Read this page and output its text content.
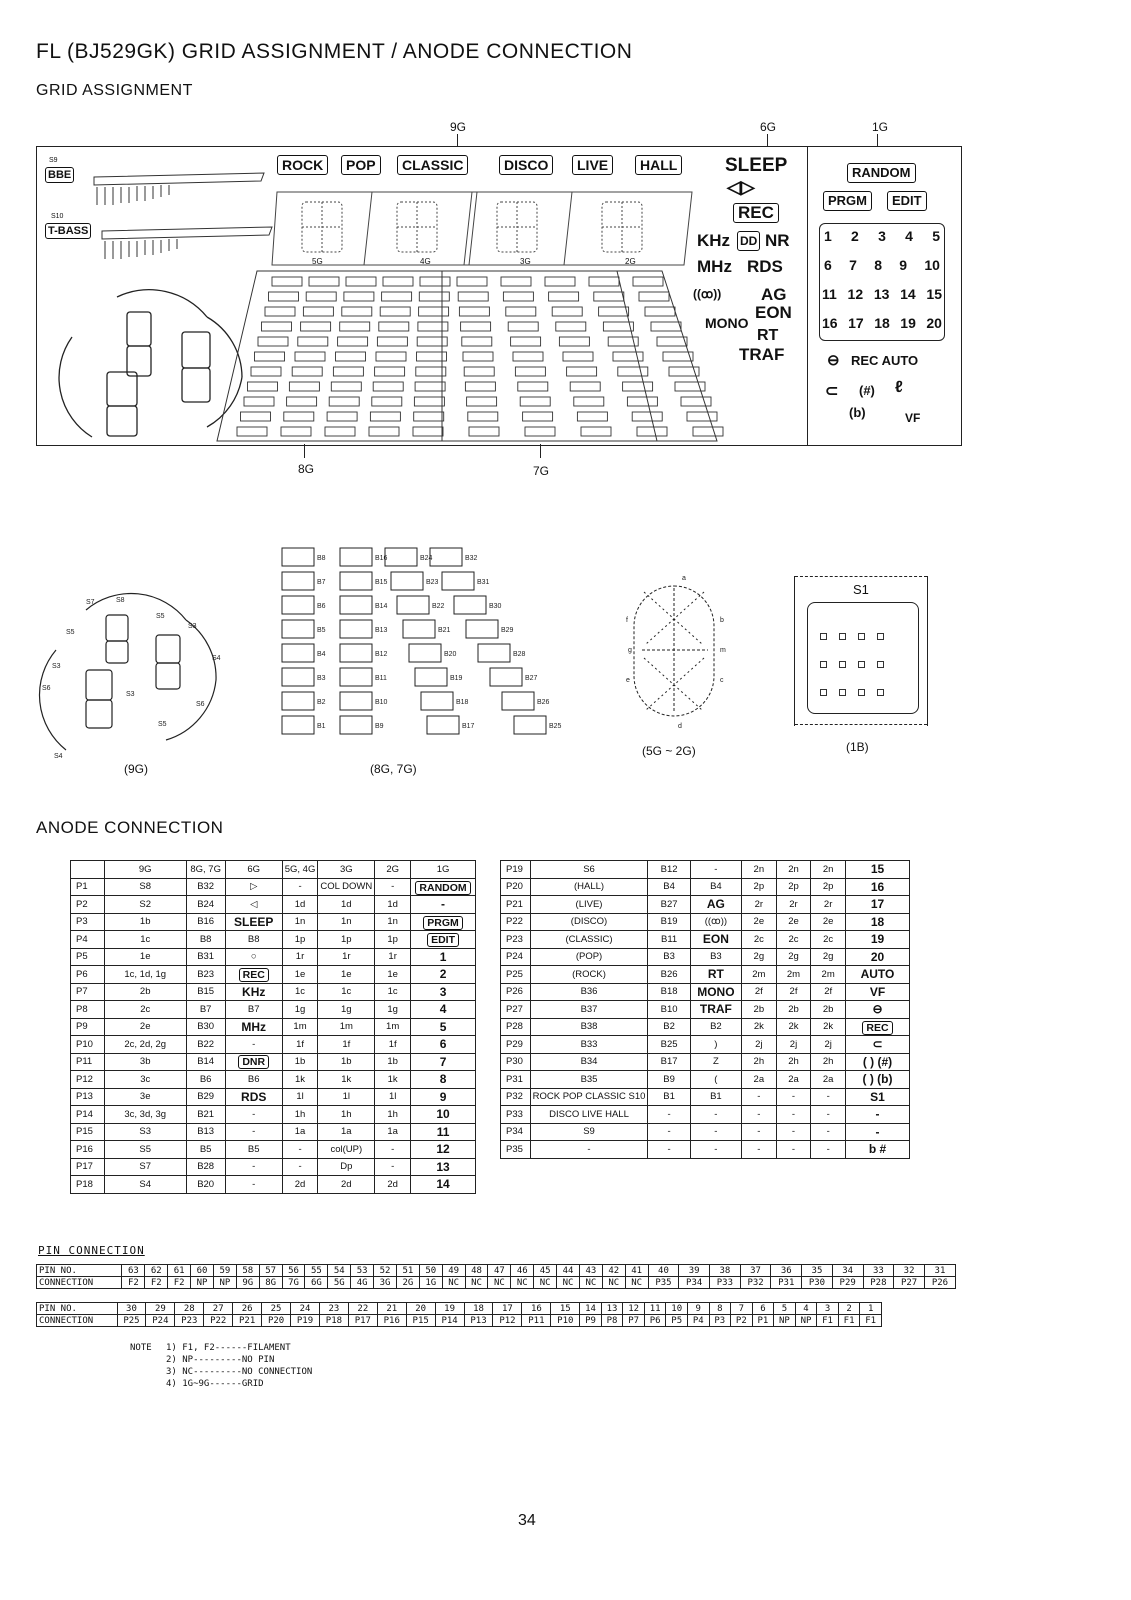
FL (BJ529GK) GRID ASSIGNMENT / ANODE CONNECTION
GRID ASSIGNMENT
9G	6G	1G
S9
BBE
S10
T-BASS
ROCK	POP	CLASSIC	DISCO	LIVE	HALL
5G	4G	3G	2G
SLEEP
◁▷
REC
KHz DD NR
MHz RDS
((ꝏ)) AG
MONO
EON
RT
TRAF
RANDOM
PRGM	EDIT
1 2 3 4 5
6 7 8 9 10
11 12 13 14 15
16 17 18 19 20
⊖ REC AUTO
⊂ (#) ℓ
(b)	VF
8G	7G
S7	S8
S5
S3
S4
S5
S3
S6
S3
S6
S5
S4
(9G)
B8
B7
B6
B5
B4
B3
B2
B1
B16
B15
B14
B13
B12
B11
B10
B9
B24
B23
B22
B21
B20
B19
B18
B17
B32
B31
B30
B29
B28
B27
B26
B25
(8G, 7G)
a
f	b
g	m
e	c
d
(5G ~ 2G)
S1
(1B)
ANODE CONNECTION
	9G	8G, 7G	6G	5G, 4G	3G	2G	1G
P1	S8	B32	▷	-	COL DOWN	-	RANDOM
P2	S2	B24	◁	1d	1d	1d	-
P3	1b	B16	SLEEP	1n	1n	1n	PRGM
P4	1c	B8	B8	1p	1p	1p	EDIT
P5	1e	B31	○	1r	1r	1r	1
P6	1c, 1d, 1g	B23	REC	1e	1e	1e	2
P7	2b	B15	KHz	1c	1c	1c	3
P8	2c	B7	B7	1g	1g	1g	4
P9	2e	B30	MHz	1m	1m	1m	5
P10	2c, 2d, 2g	B22	-	1f	1f	1f	6
P11	3b	B14	DNR	1b	1b	1b	7
P12	3c	B6	B6	1k	1k	1k	8
P13	3e	B29	RDS	1l	1l	1l	9
P14	3c, 3d, 3g	B21	-	1h	1h	1h	10
P15	S3	B13	-	1a	1a	1a	11
P16	S5	B5	B5	-	col(UP)	-	12
P17	S7	B28	-	-	Dp	-	13
P18	S4	B20	-	2d	2d	2d	14
P19	S6	B12	-	2n	2n	2n	15
P20	(HALL)	B4	B4	2p	2p	2p	16
P21	(LIVE)	B27	AG	2r	2r	2r	17
P22	(DISCO)	B19	((ꝏ))	2e	2e	2e	18
P23	(CLASSIC)	B11	EON	2c	2c	2c	19
P24	(POP)	B3	B3	2g	2g	2g	20
P25	(ROCK)	B26	RT	2m	2m	2m	AUTO
P26	B36	B18	MONO	2f	2f	2f	VF
P27	B37	B10	TRAF	2b	2b	2b	⊖
P28	B38	B2	B2	2k	2k	2k	REC
P29	B33	B25	)	2j	2j	2j	⊂
P30	B34	B17	Z	2h	2h	2h	( ) (#)
P31	B35	B9	(	2a	2a	2a	( ) (b)
P32	ROCK POP CLASSIC S10	B1	B1	-	-	-	S1
P33	DISCO LIVE HALL	-	-	-	-	-	-
P34	S9	-	-	-	-	-	-
P35	-	-	-	-	-	-	b #
PIN CONNECTION
PIN NO.	63	62	61	60	59	58	57	56	55	54	53	52	51	50	49	48	47	46	45	44	43	42	41	40	39	38	37	36	35	34	33	32	31
CONNECTION	F2	F2	F2	NP	NP	9G	8G	7G	6G	5G	4G	3G	2G	1G	NC	NC	NC	NC	NC	NC	NC	NC	NC	P35	P34	P33	P32	P31	P30	P29	P28	P27	P26
PIN NO.	30	29	28	27	26	25	24	23	22	21	20	19	18	17	16	15	14	13	12	11	10	9	8	7	6	5	4	3	2	1
CONNECTION	P25	P24	P23	P22	P21	P20	P19	P18	P17	P16	P15	P14	P13	P12	P11	P10	P9	P8	P7	P6	P5	P4	P3	P2	P1	NP	NP	F1	F1	F1
NOTE 1) F1, F2------FILAMENT
2) NP---------NO PIN
3) NC---------NO CONNECTION
4) 1G~9G------GRID
34
